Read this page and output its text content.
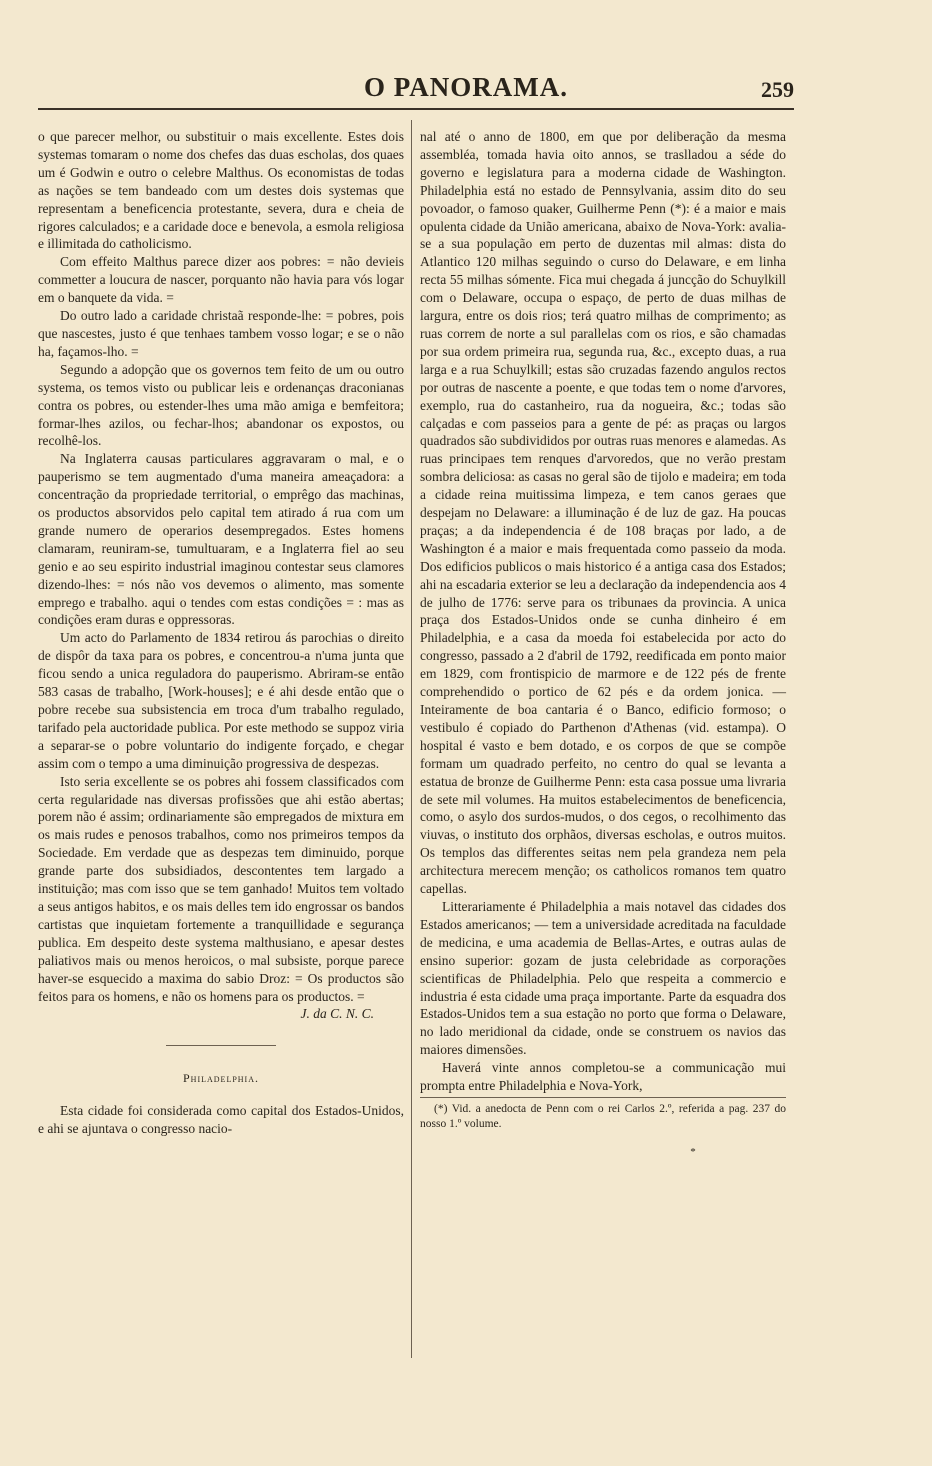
O PANORAMA.	259

o que parecer melhor, ou substituir o mais excellente. Estes dois systemas tomaram o nome dos chefes das duas escholas, dos quaes um é Godwin e outro o celebre Malthus. Os economistas de todas as nações se tem bandeado com um destes dois systemas que representam a beneficencia protestante, severa, dura e cheia de rigores calculados; e a caridade doce e benevola, a esmola religiosa e illimitada do catholicismo.

Com effeito Malthus parece dizer aos pobres: = não devieis commetter a loucura de nascer, porquanto não havia para vós logar em o banquete da vida. =

Do outro lado a caridade christaã responde-lhe: = pobres, pois que nascestes, justo é que tenhaes tambem vosso logar; e se o não ha, façamos-lho. =

Segundo a adopção que os governos tem feito de um ou outro systema, os temos visto ou publicar leis e ordenanças draconianas contra os pobres, ou estender-lhes uma mão amiga e bemfeitora; formar-lhes azilos, ou fechar-lhos; abandonar os expostos, ou recolhê-los.

Na Inglaterra causas particulares aggravaram o mal, e o pauperismo se tem augmentado d'uma maneira ameaçadora: a concentração da propriedade territorial, o emprêgo das machinas, os productos absorvidos pelo capital tem atirado á rua com um grande numero de operarios desempregados. Estes homens clamaram, reuniram-se, tumultuaram, e a Inglaterra fiel ao seu genio e ao seu espirito industrial imaginou contestar seus clamores dizendo-lhes: = nós não vos devemos o alimento, mas somente emprego e trabalho. aqui o tendes com estas condições = : mas as condições eram duras e oppressoras.

Um acto do Parlamento de 1834 retirou ás parochias o direito de dispôr da taxa para os pobres, e concentrou-a n'uma junta que ficou sendo a unica reguladora do pauperismo. Abriram-se então 583 casas de trabalho, [Work-houses]; e é ahi desde então que o pobre recebe sua subsistencia em troca d'um trabalho regulado, tarifado pela auctoridade publica. Por este methodo se suppoz viria a separar-se o pobre voluntario do indigente forçado, e chegar assim com o tempo a uma diminuição progressiva de despezas.

Isto seria excellente se os pobres ahi fossem classificados com certa regularidade nas diversas profissões que ahi estão abertas; porem não é assim; ordinariamente são empregados de mixtura em os mais rudes e penosos trabalhos, como nos primeiros tempos da Sociedade. Em verdade que as despezas tem diminuido, porque grande parte dos subsidiados, descontentes tem largado a instituição; mas com isso que se tem ganhado! Muitos tem voltado a seus antigos habitos, e os mais delles tem ido engrossar os bandos cartistas que inquietam fortemente a tranquillidade e segurança publica. Em despeito deste systema malthusiano, e apesar destes paliativos mais ou menos heroicos, o mal subsiste, porque parece haver-se esquecido a maxima do sabio Droz: = Os productos são feitos para os homens, e não os homens para os productos. =

J. da C. N. C.
Philadelphia.

Esta cidade foi considerada como capital dos Estados-Unidos, e ahi se ajuntava o congresso nacio-

nal até o anno de 1800, em que por deliberação da mesma assembléa, tomada havia oito annos, se traslladou a séde do governo e legislatura para a moderna cidade de Washington. Philadelphia está no estado de Pennsylvania, assim dito do seu povoador, o famoso quaker, Guilherme Penn (*): é a maior e mais opulenta cidade da União americana, abaixo de Nova-York: avalia-se a sua população em perto de duzentas mil almas: dista do Atlantico 120 milhas seguindo o curso do Delaware, e em linha recta 55 milhas sómente. Fica mui chegada á juncção do Schuylkill com o Delaware, occupa o espaço, de perto de duas milhas de largura, entre os dois rios; terá quatro milhas de comprimento; as ruas correm de norte a sul parallelas com os rios, e são chamadas por sua ordem primeira rua, segunda rua, &c., excepto duas, a rua larga e a rua Schuylkill; estas são cruzadas fazendo angulos rectos por outras de nascente a poente, e que todas tem o nome d'arvores, exemplo, rua do castanheiro, rua da nogueira, &c.; todas são calçadas e com passeios para a gente de pé: as praças ou largos quadrados são subdivididos por outras ruas menores e alamedas. As ruas principaes tem renques d'arvoredos, que no verão prestam sombra deliciosa: as casas no geral são de tijolo e madeira; em toda a cidade reina muitissima limpeza, e tem canos geraes que despejam no Delaware: a illuminação é de luz de gaz. Ha poucas praças; a da independencia é de 108 braças por lado, a de Washington é a maior e mais frequentada como passeio da moda. Dos edificios publicos o mais historico é a antiga casa dos Estados; ahi na escadaria exterior se leu a declaração da independencia aos 4 de julho de 1776: serve para os tribunaes da provincia. A unica praça dos Estados-Unidos onde se cunha dinheiro é em Philadelphia, e a casa da moeda foi estabelecida por acto do congresso, passado a 2 d'abril de 1792, reedificada em ponto maior em 1829, com frontispicio de marmore e de 122 pés de frente comprehendido o portico de 62 pés e da ordem jonica. — Inteiramente de boa cantaria é o Banco, edificio formoso; o vestibulo é copiado do Parthenon d'Athenas (vid. estampa). O hospital é vasto e bem dotado, e os corpos de que se compõe formam um quadrado perfeito, no centro do qual se levanta a estatua de bronze de Guilherme Penn: esta casa possue uma livraria de sete mil volumes. Ha muitos estabelecimentos de beneficencia, como, o asylo dos surdos-mudos, o dos cegos, o recolhimento das viuvas, o instituto dos orphãos, diversas escholas, e outros muitos. Os templos das differentes seitas nem pela grandeza nem pela architectura merecem menção; os catholicos romanos tem quatro capellas.

Litterariamente é Philadelphia a mais notavel das cidades dos Estados americanos; — tem a universidade acreditada na faculdade de medicina, e uma academia de Bellas-Artes, e outras aulas de ensino superior: gozam de justa celebridade as corporações scientificas de Philadelphia. Pelo que respeita a commercio e industria é esta cidade uma praça importante. Parte da esquadra dos Estados-Unidos tem a sua estação no porto que forma o Delaware, no lado meridional da cidade, onde se construem os navios das maiores dimensões.

Haverá vinte annos completou-se a communicação mui prompta entre Philadelphia e Nova-York,

(*) Vid. a anedocta de Penn com o rei Carlos 2.º, referida a pag. 237 do nosso 1.º volume.
*
